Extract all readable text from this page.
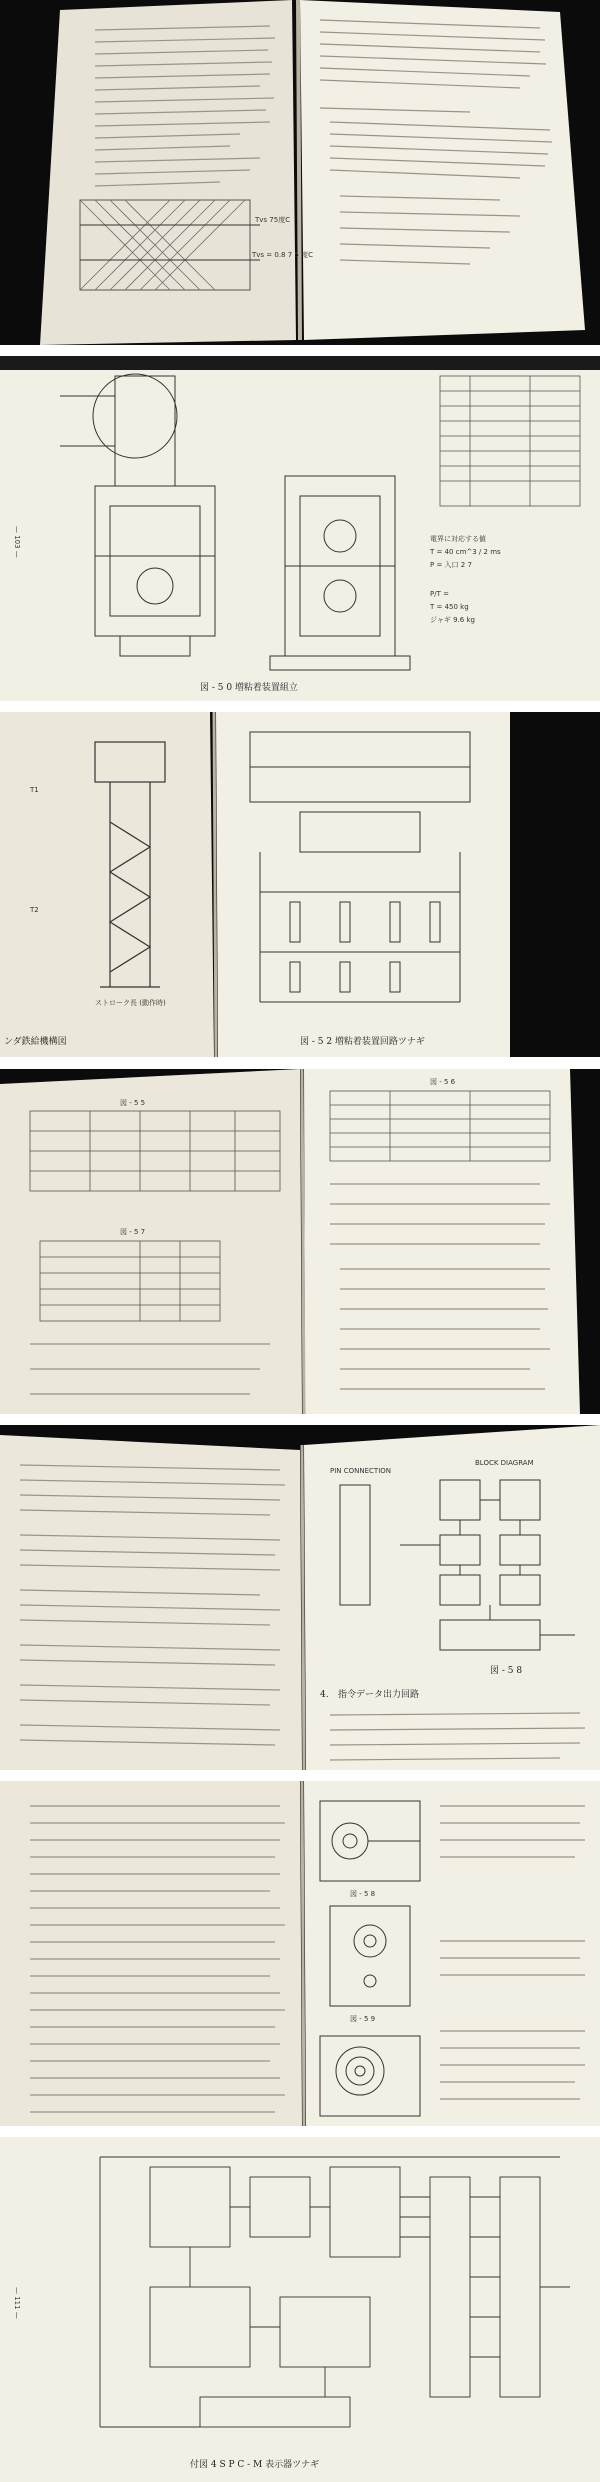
Tvs 75度C
Tvs = 0.8 7 5 度C
— 103 —	電界に対応する値
T = 40 cm^3 / 2 ms
P = 入口 2 7
P/T =
T = 450 kg
ジャギ 9.6 kg
図 - 5 0 増粘着装置組立
T1
T2
ストローク長 (動作時)
ンダ鉄給機構図	図 - 5 2 増粘着装置回路ツナギ
図 - 5 5
図 - 5 7
図 - 5 6
PIN CONNECTION
BLOCK DIAGRAM
図 - 5 8
4. 指令データ出力回路
図 - 5 8
図 - 5 9
— 111 —
付図 4 S P C - M 表示器ツナギ
